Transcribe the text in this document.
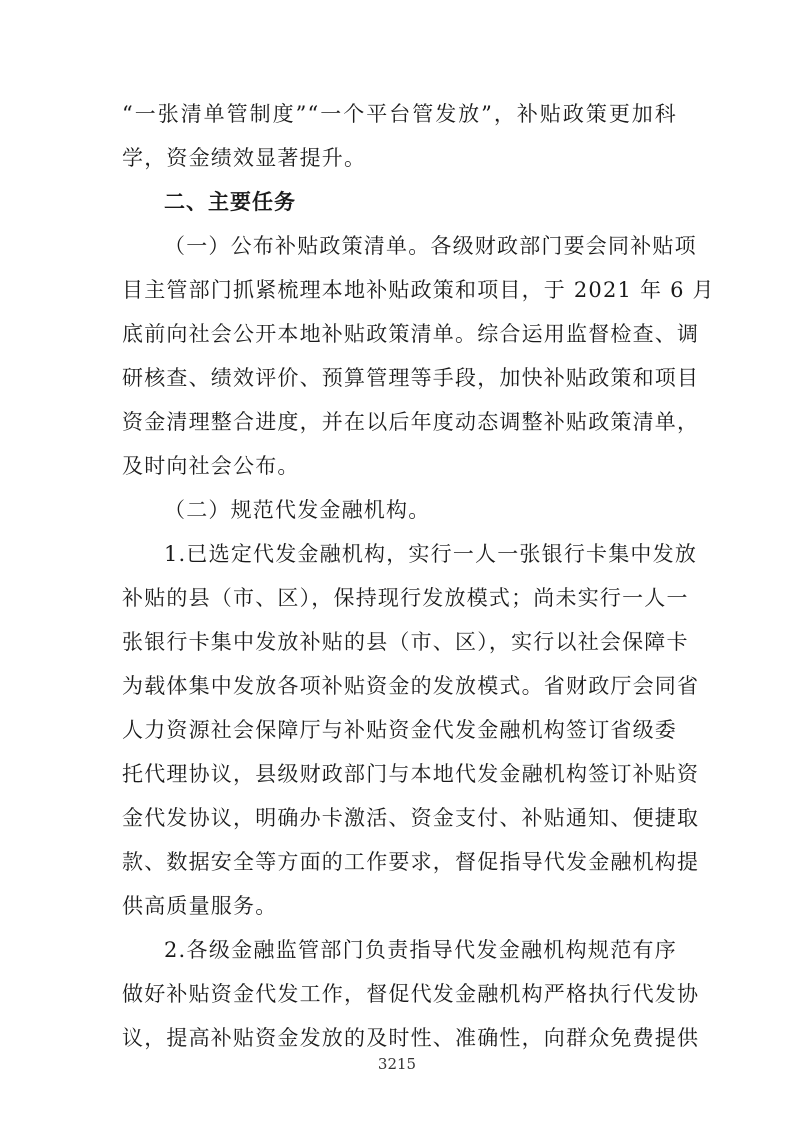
“一张清单管制度”“一个平台管发放”，补贴政策更加科
学，资金绩效显著提升。
二、主要任务
（一）公布补贴政策清单。各级财政部门要会同补贴项
目主管部门抓紧梳理本地补贴政策和项目，于 2021 年 6 月
底前向社会公开本地补贴政策清单。综合运用监督检查、调
研核查、绩效评价、预算管理等手段，加快补贴政策和项目
资金清理整合进度，并在以后年度动态调整补贴政策清单，
及时向社会公布。
（二）规范代发金融机构。
1.已选定代发金融机构，实行一人一张银行卡集中发放
补贴的县（市、区），保持现行发放模式；尚未实行一人一
张银行卡集中发放补贴的县（市、区），实行以社会保障卡
为载体集中发放各项补贴资金的发放模式。省财政厅会同省
人力资源社会保障厅与补贴资金代发金融机构签订省级委
托代理协议，县级财政部门与本地代发金融机构签订补贴资
金代发协议，明确办卡激活、资金支付、补贴通知、便捷取
款、数据安全等方面的工作要求，督促指导代发金融机构提
供高质量服务。
2.各级金融监管部门负责指导代发金融机构规范有序
做好补贴资金代发工作，督促代发金融机构严格执行代发协
议，提高补贴资金发放的及时性、准确性，向群众免费提供
3215
